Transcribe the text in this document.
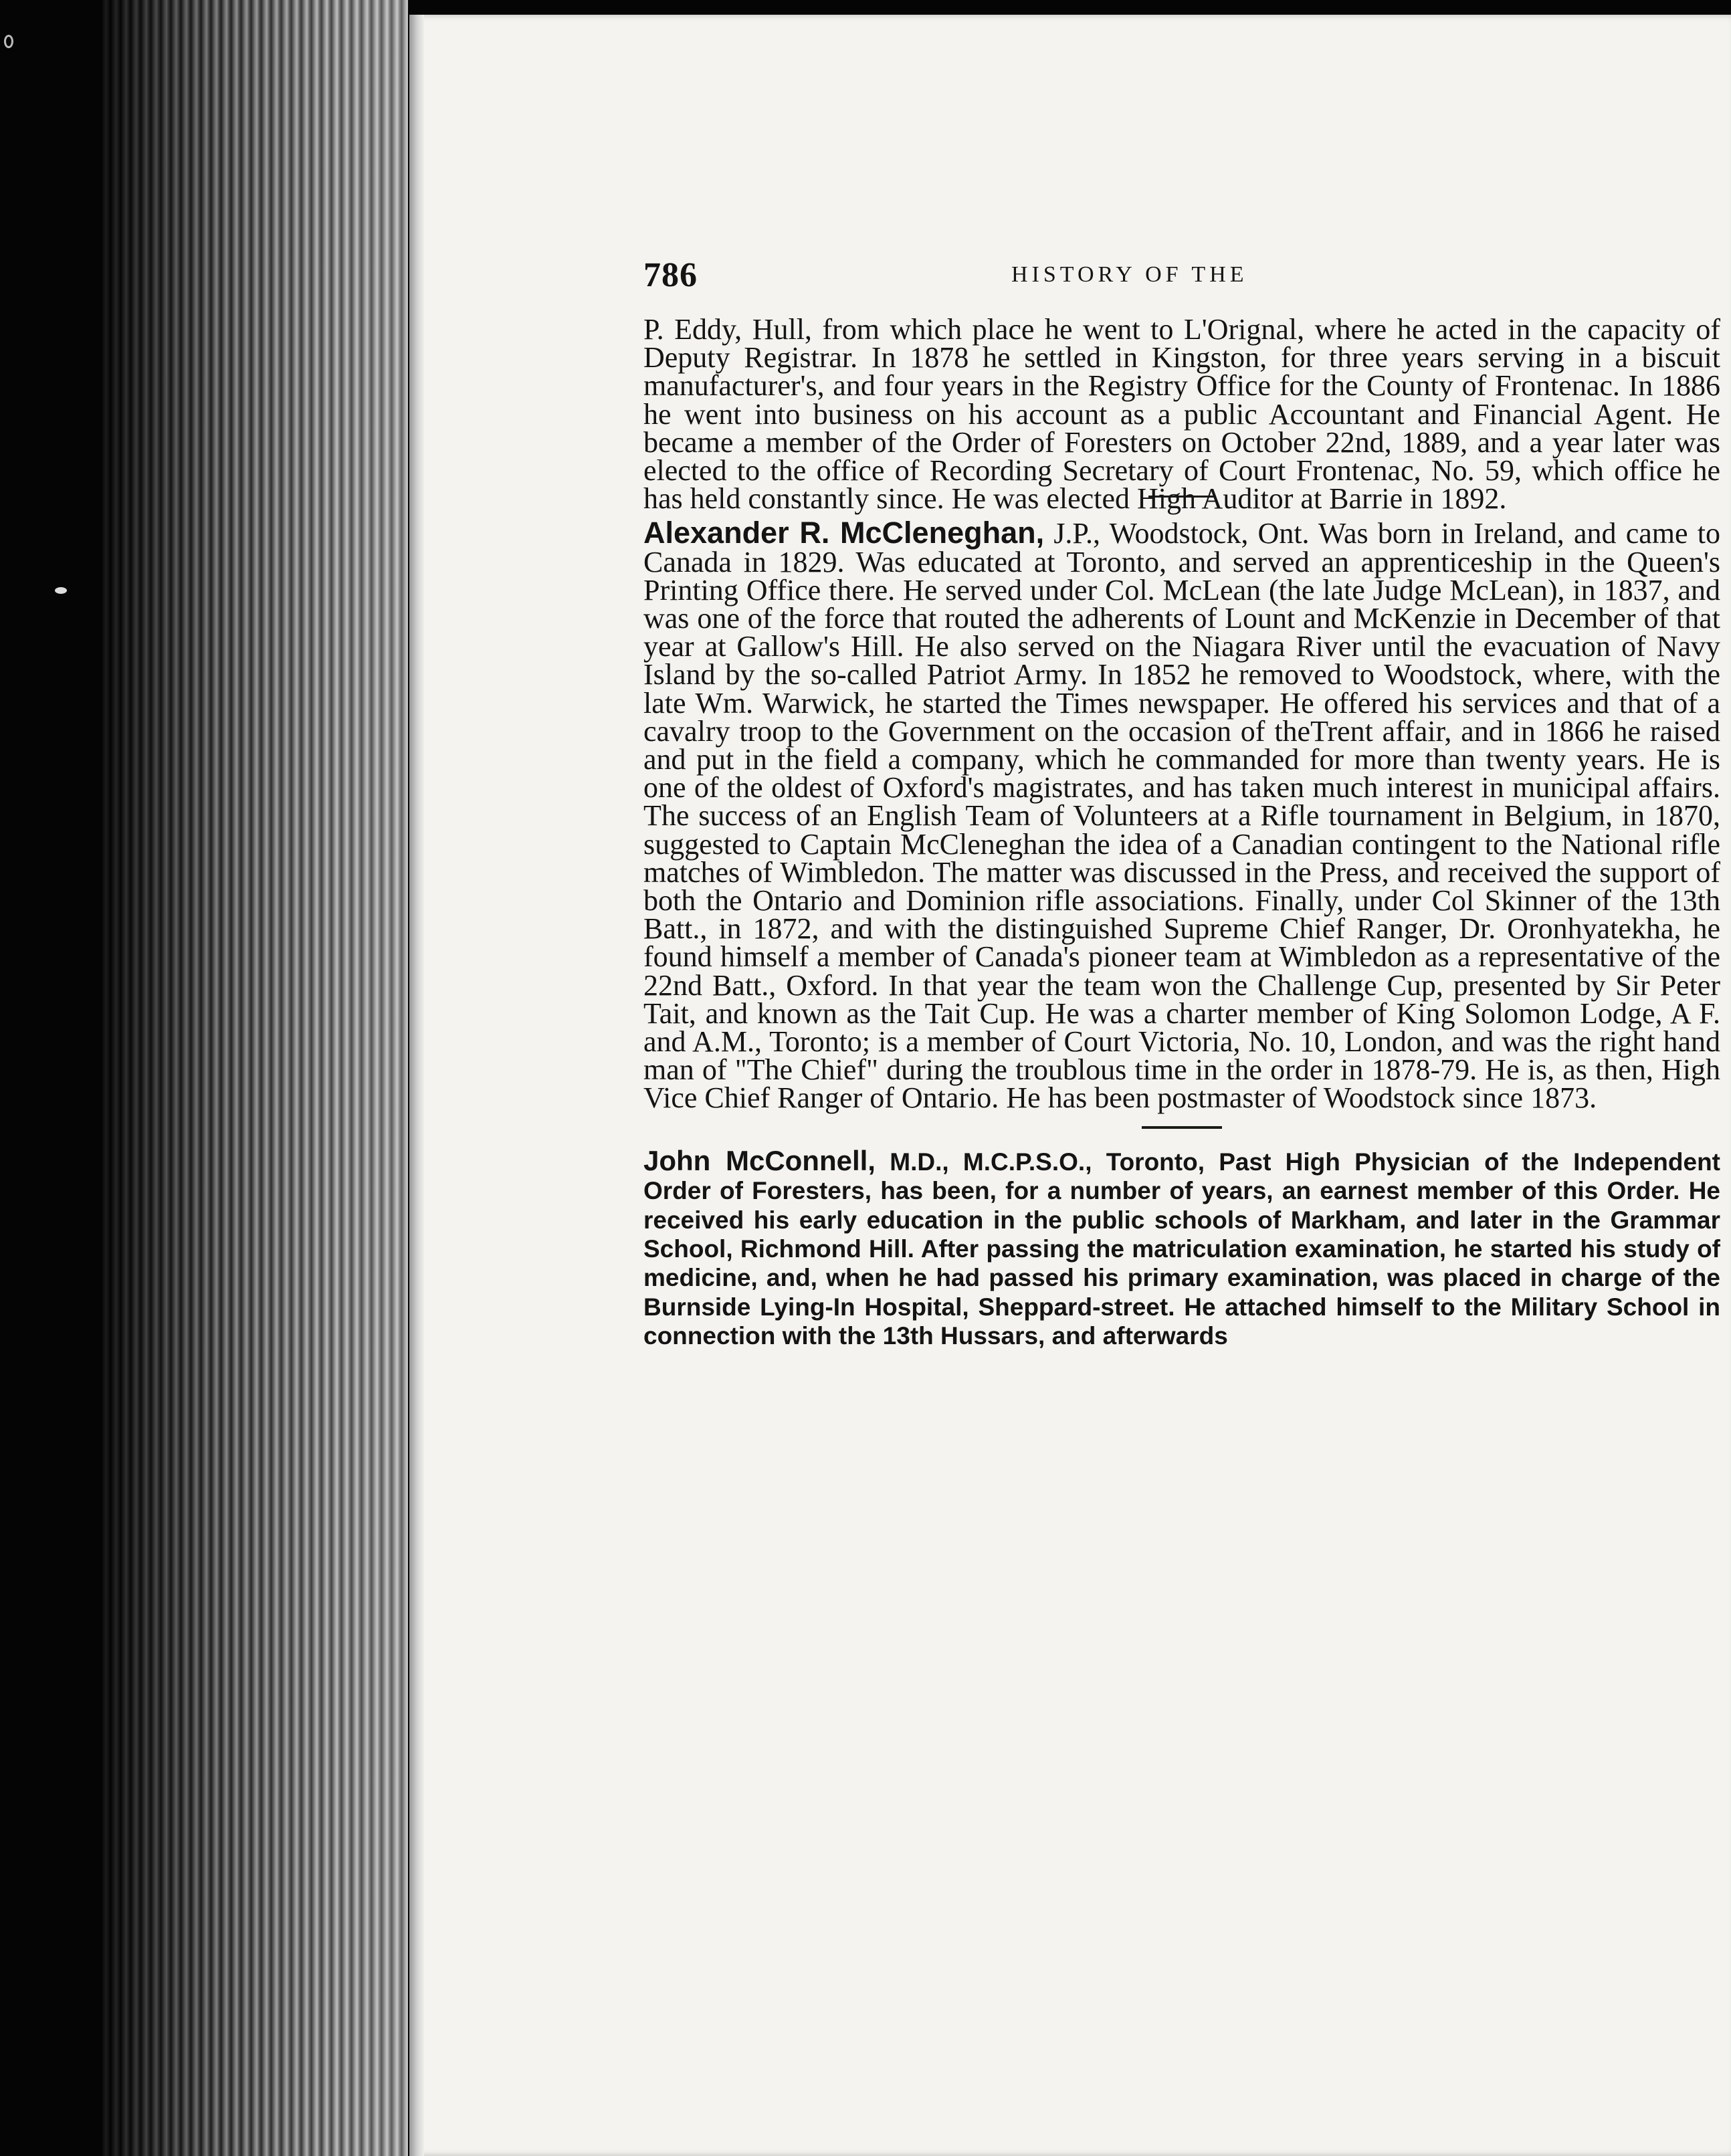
786	HISTORY OF THE

P. Eddy, Hull, from which place he went to L'Orignal, where he acted in the capacity of Deputy Registrar. In 1878 he settled in Kingston, for three years serving in a biscuit manufacturer's, and four years in the Registry Office for the County of Frontenac. In 1886 he went into business on his account as a public Accountant and Financial Agent. He became a member of the Order of Foresters on October 22nd, 1889, and a year later was elected to the office of Recording Secretary of Court Frontenac, No. 59, which office he has held constantly since. He was elected High Auditor at Barrie in 1892.

Alexander R. McCleneghan, J.P., Woodstock, Ont. Was born in Ireland, and came to Canada in 1829. Was educated at Toronto, and served an apprenticeship in the Queen's Printing Office there. He served under Col. McLean (the late Judge McLean), in 1837, and was one of the force that routed the adherents of Lount and McKenzie in December of that year at Gallow's Hill. He also served on the Niagara River until the evacuation of Navy Island by the so-called Patriot Army. In 1852 he removed to Woodstock, where, with the late Wm. Warwick, he started the Times newspaper. He offered his services and that of a cavalry troop to the Government on the occasion of theTrent affair, and in 1866 he raised and put in the field a company, which he commanded for more than twenty years. He is one of the oldest of Oxford's magistrates, and has taken much interest in municipal affairs. The success of an English Team of Volunteers at a Rifle tournament in Belgium, in 1870, suggested to Captain McCleneghan the idea of a Canadian contingent to the National rifle matches of Wimbledon. The matter was discussed in the Press, and received the support of both the Ontario and Dominion rifle associations. Finally, under Col Skinner of the 13th Batt., in 1872, and with the distinguished Supreme Chief Ranger, Dr. Oronhyatekha, he found himself a member of Canada's pioneer team at Wimbledon as a representative of the 22nd Batt., Oxford. In that year the team won the Challenge Cup, presented by Sir Peter Tait, and known as the Tait Cup. He was a charter member of King Solomon Lodge, A F. and A.M., Toronto; is a member of Court Victoria, No. 10, London, and was the right hand man of "The Chief" during the troublous time in the order in 1878-79. He is, as then, High Vice Chief Ranger of Ontario. He has been postmaster of Woodstock since 1873.

John McConnell, M.D., M.C.P.S.O., Toronto, Past High Physician of the Independent Order of Foresters, has been, for a number of years, an earnest member of this Order. He received his early education in the public schools of Markham, and later in the Grammar School, Richmond Hill. After passing the matriculation examination, he started his study of medicine, and, when he had passed his primary examination, was placed in charge of the Burnside Lying-In Hospital, Sheppard-street. He attached himself to the Military School in connection with the 13th Hussars, and afterwards
